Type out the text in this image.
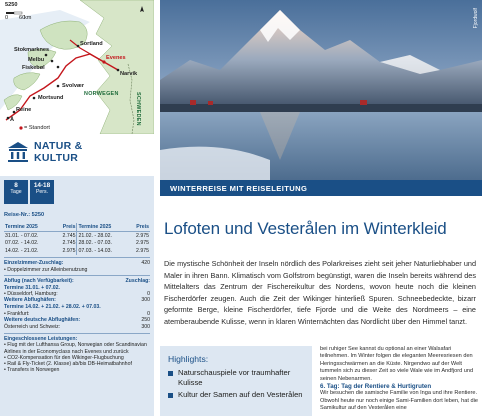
5250
0 60
km
Stokmarknes
Melbu
Fiskebøl
Sortland
Evenes
Narvik
Svolvær
Mortsund
Reine
Å
NORWEGEN	SCHWEDEN
= Standort
NATUR &
KULTUR
8
Tage
14-18
Pers.
Reise-Nr.: 5250
Termine 2025	Preis	Termine 2025	Preis
31.01. - 07.02.	2.745	21.02. - 28.02.	2.975
07.02. - 14.02.	2.745	28.02. - 07.03.	2.975
14.02. - 21.02.	2.975	07.03. - 14.03.	2.975
Einzelzimmer-Zuschlag:	420
• Doppelzimmer zur Alleinbenutzung
Abflug (nach Verfügbarkeit):	Zuschlag:
Termine 31.01. + 07.02.
• Düsseldorf, Hamburg:	0
Weitere Abflughäfen:	300
Termine 14.02. + 21.02. + 28.02. + 07.03.
• Frankfurt:	0
Weitere deutsche Abflughäfen:	250
Österreich und Schweiz:	300
Eingeschlossene Leistungen:
• Flug mit der Lufthansa Group, Norwegian oder Scandinavian Airlines in der Economyclass nach Evenes und zurück
• CO2-Kompensation für den Wikinger-Flugbuchung
• Rail & Fly-Ticket (2. Klasse) ab/bis DB-Heimatbahnhof
• Transfers in Norwegen
Fjordwolf
WINTERREISE MIT REISELEITUNG
Lofoten und Vesterålen im Winterkleid
Die mystische Schönheit der Inseln nördlich des Polarkreises zieht seit jeher Naturliebhaber und Maler in ihren Bann. Klimatisch vom Golfstrom begünstigt, waren die Inseln bereits während des Mittelalters das Zentrum der Fischereikultur des Nordens, wovon heute noch die kleinen Fischerdörfer zeugen. Auch die Zeit der Wikinger hinterließ Spuren. Schneebedeckte, bizarr geformte Berge, kleine Fischerdörfer, tiefe Fjorde und die Weite des Nordmeers – eine atemberaubende Kulisse, wenn in klaren Winternächten das Nordlicht über den Himmel tanzt.
Highlights:
Naturschauspiele vor traumhafter Kulisse
Kultur der Samen auf den Vesterålen
bei ruhiger See kannst du optional an einer Walsafari teilnehmen. Im Winter folgen die eleganten Meeresriesen den Heringsschwärmen an die Küste. Nirgendwo auf der Welt tummeln sich zu dieser Zeit so viele Wale wie im Andfjord und seinen Nebenarmen.
6. Tag: Tag der Rentiere & Hurtigruten
Wir besuchen die samische Familie von Inga und ihre Rentiere. Obwohl heute nur noch einige Sami-Familien dort leben, hat die Samikultur auf den Vesterålen eine
